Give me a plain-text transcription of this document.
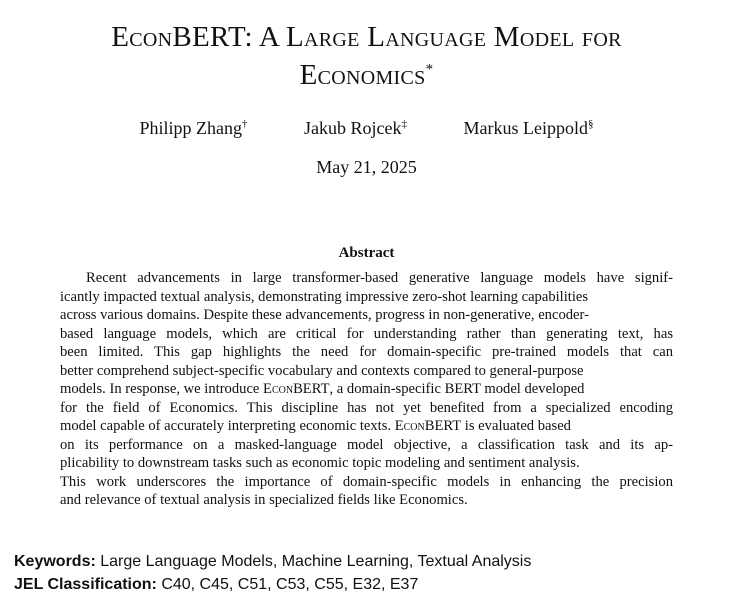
EconBERT: A Large Language Model for
Economics*
Philipp Zhang†	Jakub Rojcek‡	Markus Leippold§
May 21, 2025
Abstract
Recent advancements in large transformer-based generative language models have signif-
icantly impacted textual analysis, demonstrating impressive zero-shot learning capabilities
across various domains. Despite these advancements, progress in non-generative, encoder-
based language models, which are critical for understanding rather than generating text, has
been limited. This gap highlights the need for domain-specific pre-trained models that can
better comprehend subject-specific vocabulary and contexts compared to general-purpose
models. In response, we introduce EconBERT, a domain-specific BERT model developed
for the field of Economics. This discipline has not yet benefited from a specialized encoding
model capable of accurately interpreting economic texts. EconBERT is evaluated based
on its performance on a masked-language model objective, a classification task and its ap-
plicability to downstream tasks such as economic topic modeling and sentiment analysis.
This work underscores the importance of domain-specific models in enhancing the precision
and relevance of textual analysis in specialized fields like Economics.
Keywords: Large Language Models, Machine Learning, Textual Analysis
JEL Classification: C40, C45, C51, C53, C55, E32, E37
